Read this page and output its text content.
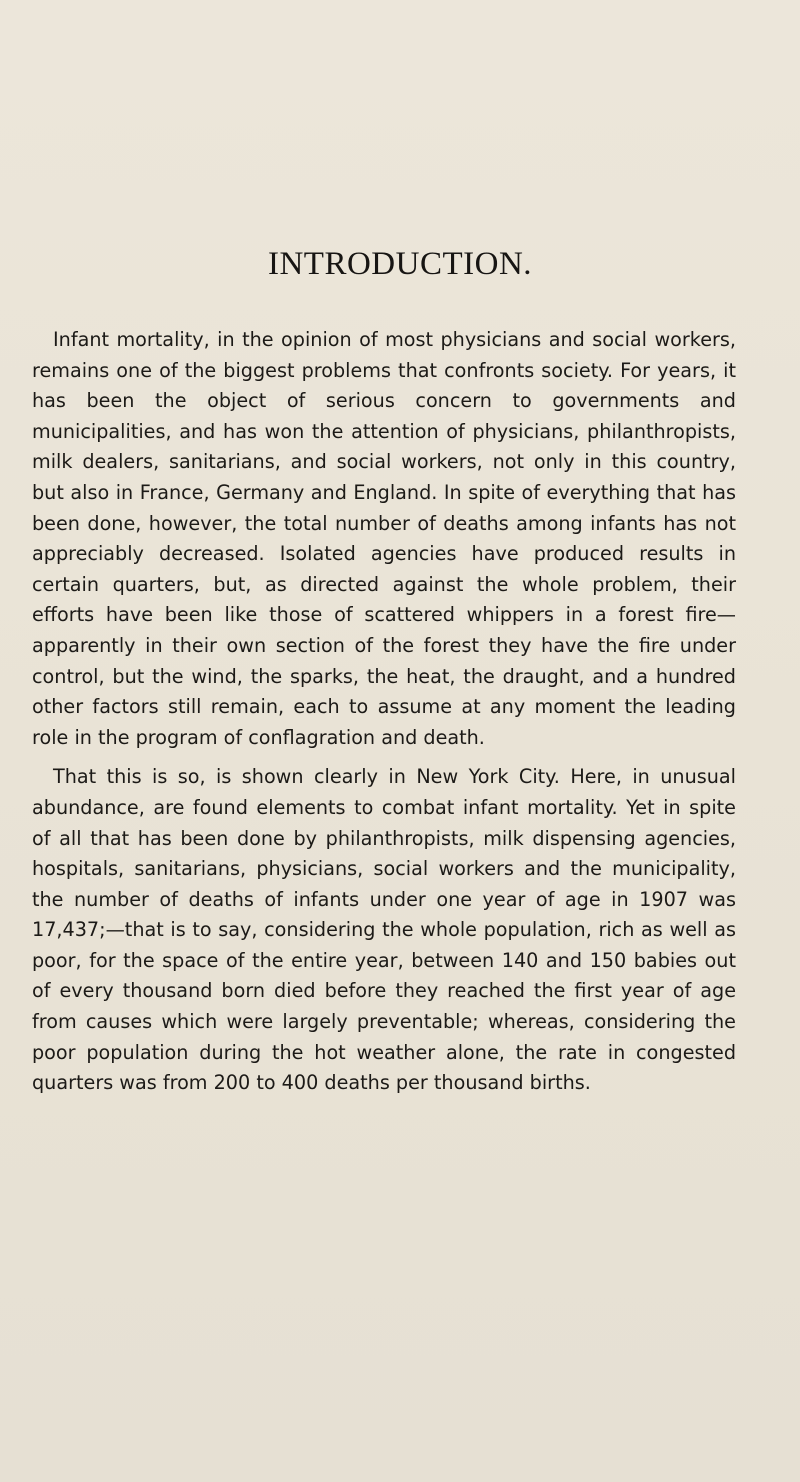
INTRODUCTION.

Infant mortality, in the opinion of most physicians and social workers, remains one of the biggest problems that confronts society. For years, it has been the object of serious concern to governments and municipalities, and has won the attention of physicians, philanthropists, milk dealers, sanitarians, and social workers, not only in this country, but also in France, Germany and England. In spite of everything that has been done, however, the total number of deaths among infants has not appreciably decreased. Isolated agencies have produced results in certain quarters, but, as directed against the whole problem, their efforts have been like those of scattered whippers in a forest fire—apparently in their own section of the forest they have the fire under control, but the wind, the sparks, the heat, the draught, and a hundred other factors still remain, each to assume at any moment the leading role in the program of conflagration and death.

That this is so, is shown clearly in New York City. Here, in unusual abundance, are found elements to combat infant mortality. Yet in spite of all that has been done by philanthropists, milk dispensing agencies, hospitals, sanitarians, physicians, social workers and the municipality, the number of deaths of infants under one year of age in 1907 was 17,437;—that is to say, considering the whole population, rich as well as poor, for the space of the entire year, between 140 and 150 babies out of every thousand born died before they reached the first year of age from causes which were largely preventable; whereas, considering the poor population during the hot weather alone, the rate in congested quarters was from 200 to 400 deaths per thousand births.
